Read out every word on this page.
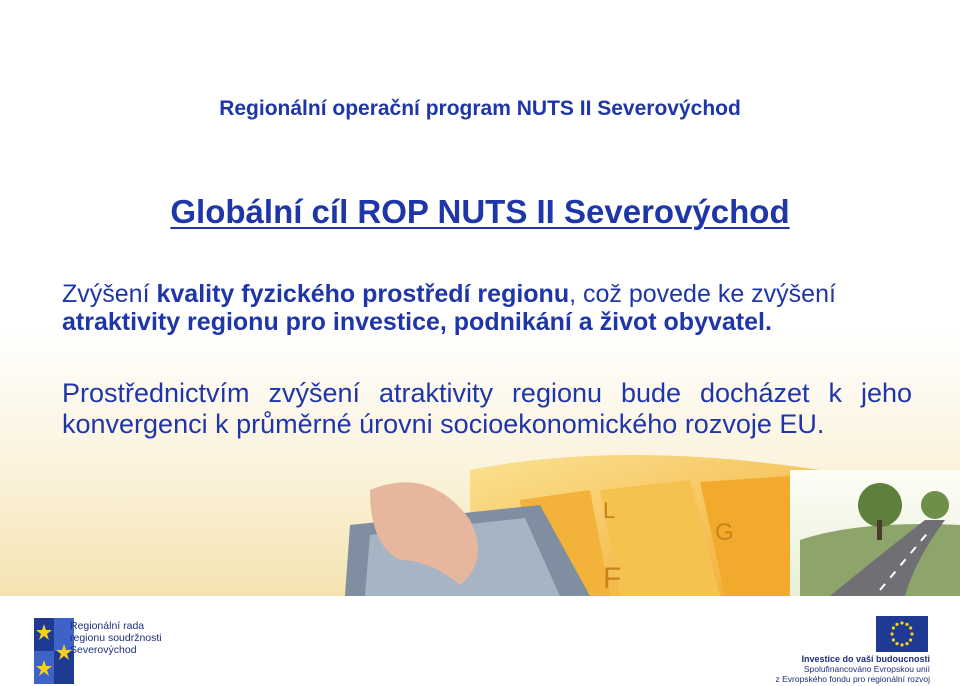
F
G
L
Regionální operační program NUTS II Severovýchod
Globální cíl ROP NUTS II Severovýchod

Zvýšení kvality fyzického prostředí regionu, což povede ke zvýšení atraktivity regionu pro investice, podnikání a život obyvatel.

Prostřednictvím zvýšení atraktivity regionu bude docházet k jeho konvergenci k průměrné úrovni socioekonomického rozvoje EU.

Regionální rada
regionu soudržnosti
Severovýchod
Investice do vaší budoucnosti
Spolufinancováno Evropskou unií
z Evropského fondu pro regionální rozvoj
